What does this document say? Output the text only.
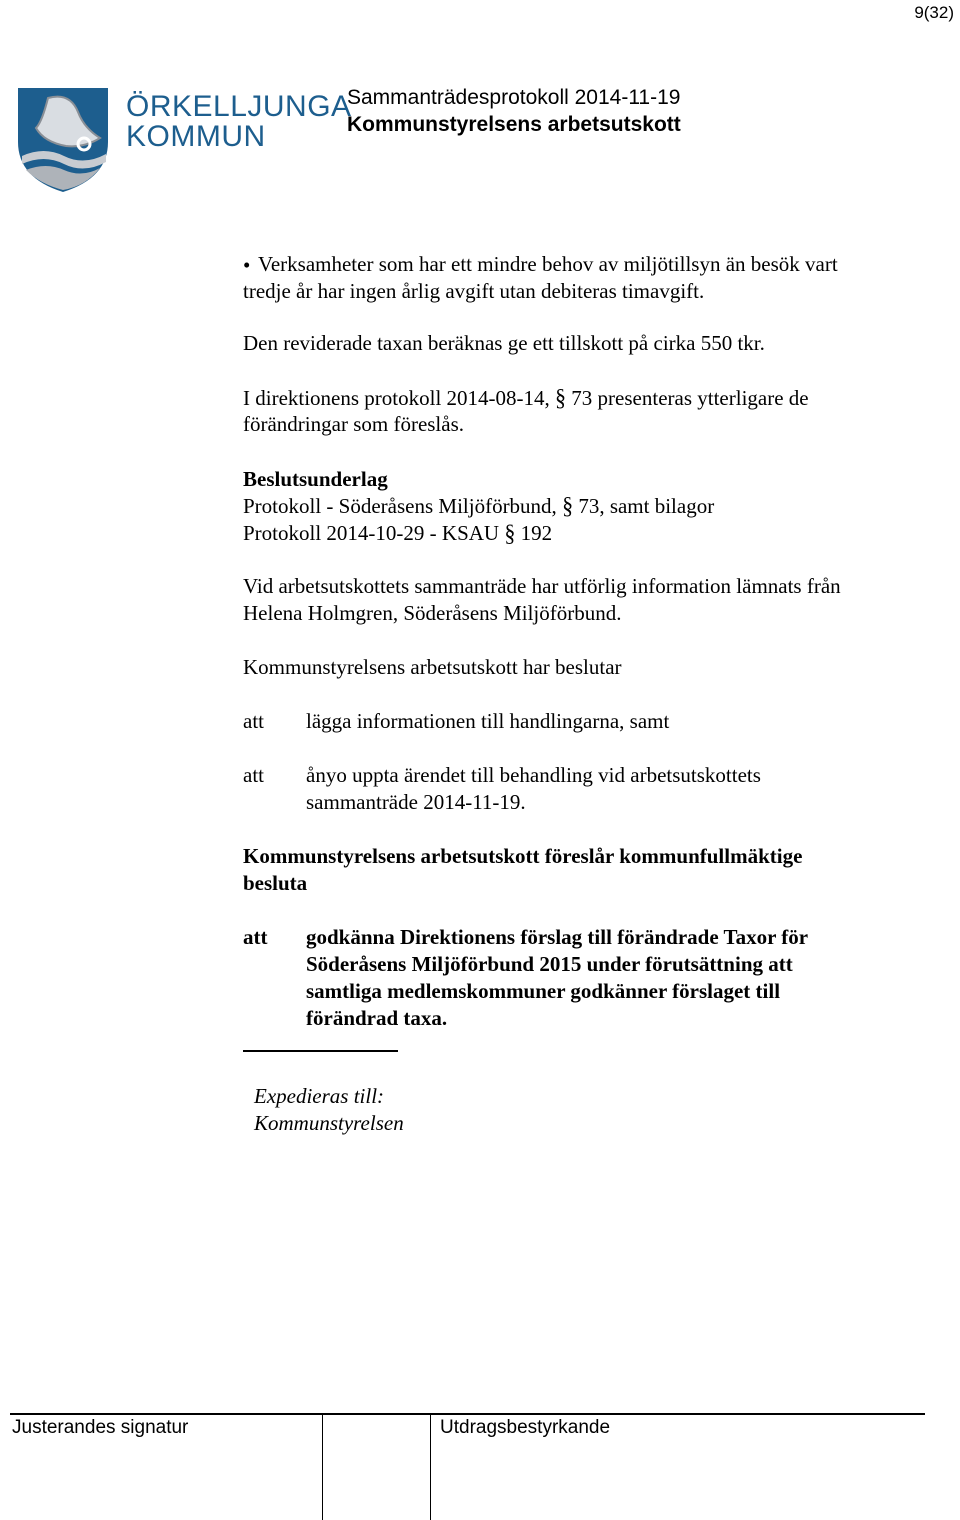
9(32)
ÖRKELLJUNGA
KOMMUN
Sammanträdesprotokoll 2014-11-19
Kommunstyrelsens arbetsutskott
• Verksamheter som har ett mindre behov av miljötillsyn än besök vart
tredje år har ingen årlig avgift utan debiteras timavgift.
Den reviderade taxan beräknas ge ett tillskott på cirka 550 tkr.
I direktionens protokoll 2014-08-14, § 73 presenteras ytterligare de
förändringar som föreslås.
Beslutsunderlag
Protokoll - Söderåsens Miljöförbund, § 73, samt bilagor
Protokoll 2014-10-29 - KSAU § 192
Vid arbetsutskottets sammanträde har utförlig information lämnats från
Helena Holmgren, Söderåsens Miljöförbund.
Kommunstyrelsens arbetsutskott har beslutar
att lägga informationen till handlingarna, samt
att ånyo uppta ärendet till behandling vid arbetsutskottets
sammanträde 2014-11-19.
Kommunstyrelsens arbetsutskott föreslår kommunfullmäktige
besluta
att godkänna Direktionens förslag till förändrade Taxor för
Söderåsens Miljöförbund 2015 under förutsättning att
samtliga medlemskommuner godkänner förslaget till
förändrad taxa.
Expedieras till:
Kommunstyrelsen
Justerandes signatur	Utdragsbestyrkande
